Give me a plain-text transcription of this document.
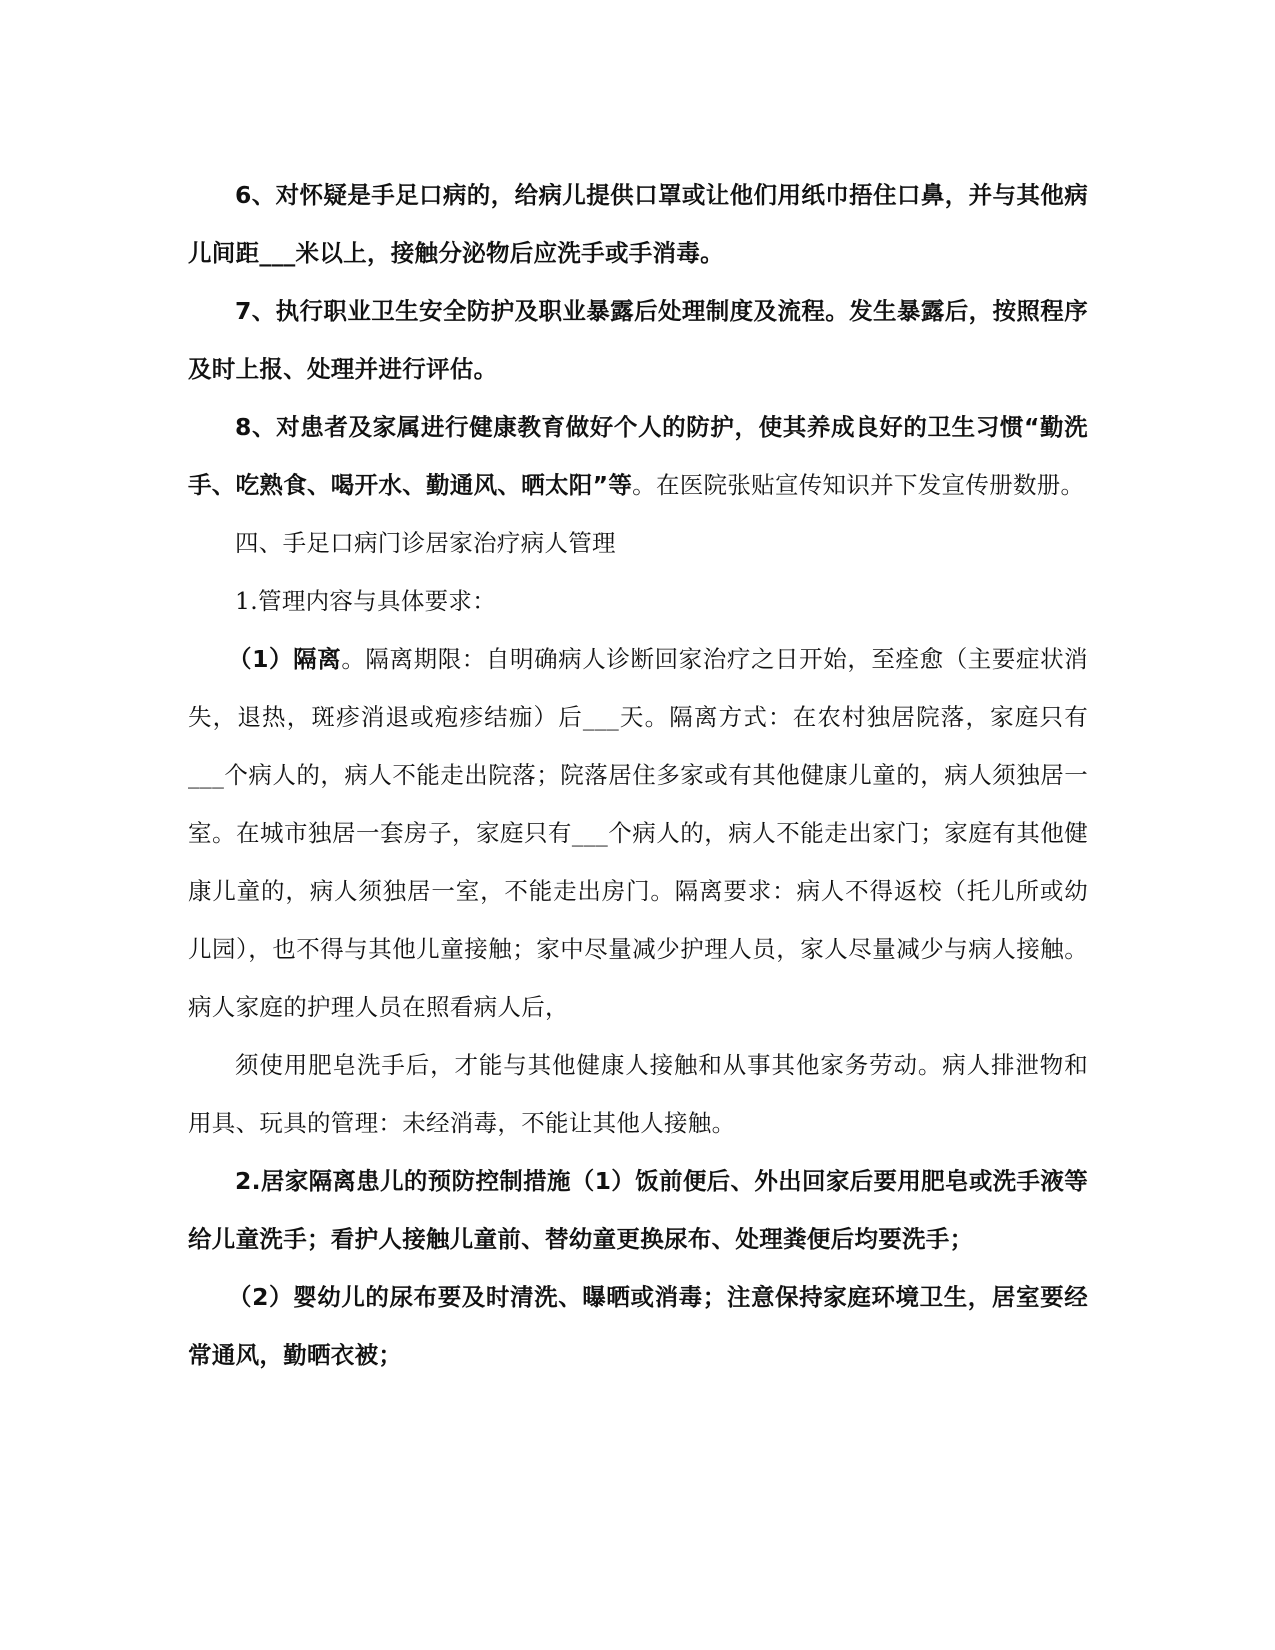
6、对怀疑是手足口病的，给病儿提供口罩或让他们用纸巾捂住口鼻，并与其他病儿间距___米以上，接触分泌物后应洗手或手消毒。

7、执行职业卫生安全防护及职业暴露后处理制度及流程。发生暴露后，按照程序及时上报、处理并进行评估。

8、对患者及家属进行健康教育做好个人的防护，使其养成良好的卫生习惯“勤洗手、吃熟食、喝开水、勤通风、晒太阳”等。在医院张贴宣传知识并下发宣传册数册。

四、手足口病门诊居家治疗病人管理

1.管理内容与具体要求：

（1）隔离。隔离期限：自明确病人诊断回家治疗之日开始，至痊愈（主要症状消失，退热，斑疹消退或疱疹结痂）后___天。隔离方式：在农村独居院落，家庭只有___个病人的，病人不能走出院落；院落居住多家或有其他健康儿童的，病人须独居一室。在城市独居一套房子，家庭只有___个病人的，病人不能走出家门；家庭有其他健康儿童的，病人须独居一室，不能走出房门。隔离要求：病人不得返校（托儿所或幼儿园），也不得与其他儿童接触；家中尽量减少护理人员，家人尽量减少与病人接触。病人家庭的护理人员在照看病人后，

须使用肥皂洗手后，才能与其他健康人接触和从事其他家务劳动。病人排泄物和用具、玩具的管理：未经消毒，不能让其他人接触。

2.居家隔离患儿的预防控制措施（1）饭前便后、外出回家后要用肥皂或洗手液等给儿童洗手；看护人接触儿童前、替幼童更换尿布、处理粪便后均要洗手；

（2）婴幼儿的尿布要及时清洗、曝晒或消毒；注意保持家庭环境卫生，居室要经常通风，勤晒衣被；
